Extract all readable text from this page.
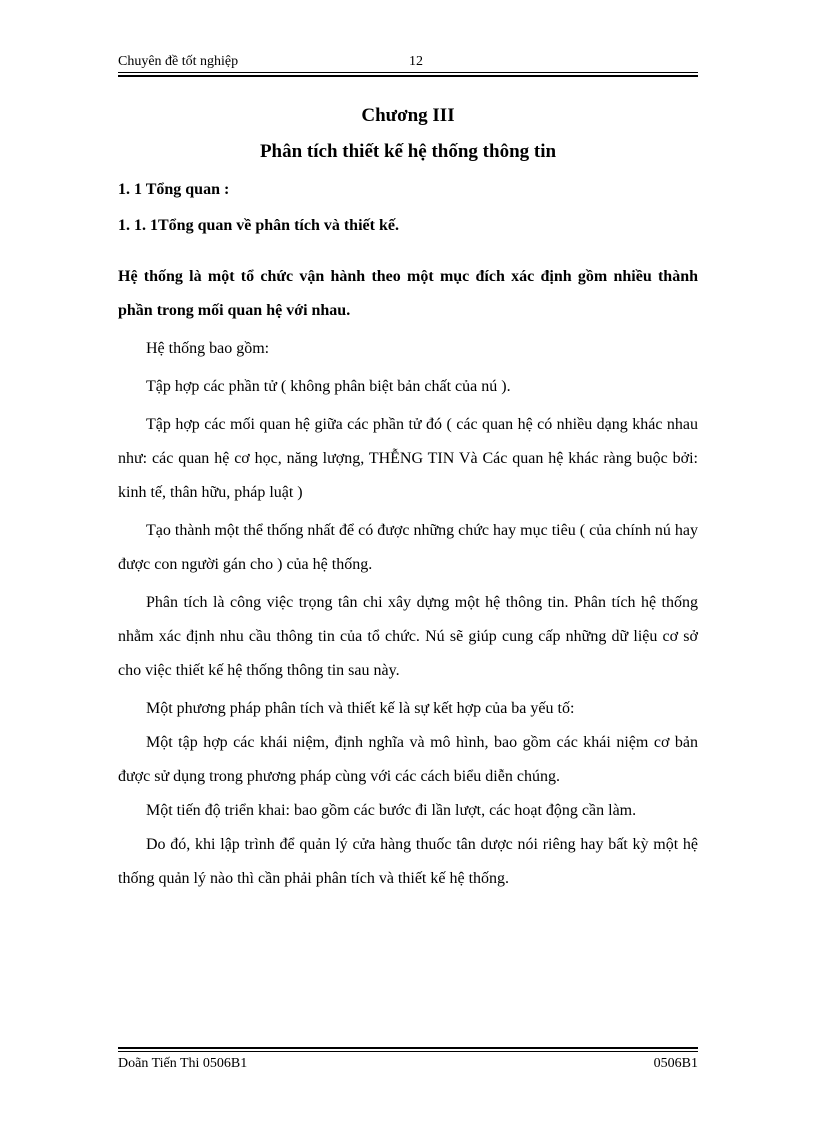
Chuyên đề tốt nghiệp	12

Chương III

Phân tích thiết kế hệ thống thông tin

1. 1 Tổng quan :

1. 1. 1Tổng quan về phân tích và thiết kế.

Hệ thống là một tổ chức vận hành theo một mục đích xác định gồm nhiều thành phần trong mối quan hệ với nhau.

Hệ thống bao gồm:

Tập hợp các phần tử ( không phân biệt bản chất của nú ).

Tập hợp các mối quan hệ giữa các phần tử đó ( các quan hệ có nhiều dạng khác nhau như: các quan hệ cơ học, năng lượng, THỄNG TIN Và Các quan hệ khác ràng buộc bởi: kinh tế, thân hữu, pháp luật )

Tạo thành một thể thống nhất để có được những chức hay mục tiêu ( của chính nú hay được con người gán cho ) của hệ thống.

Phân tích là công việc trọng tân chi xây dựng một hệ thông tin. Phân tích hệ thống nhằm xác định nhu cầu thông tin của tổ chức. Nú sẽ giúp cung cấp những dữ liệu cơ sở cho việc thiết kế hệ thống thông tin sau này.

Một phương pháp phân tích và thiết kế là sự kết hợp của ba yếu tố:

Một tập hợp các khái niệm, định nghĩa và mô hình, bao gồm các khái niệm cơ bản được sử dụng trong phương pháp cùng với các cách biểu diễn chúng.

Một tiến độ triển khai: bao gồm các bước đi lần lượt, các hoạt động cần làm.

Do đó, khi lập trình để quản lý cửa hàng thuốc tân dược nói riêng hay bất kỳ một hệ thống quản lý nào thì cần phải phân tích và thiết kế hệ thống.

Doãn Tiến Thi 0506B1	0506B1
